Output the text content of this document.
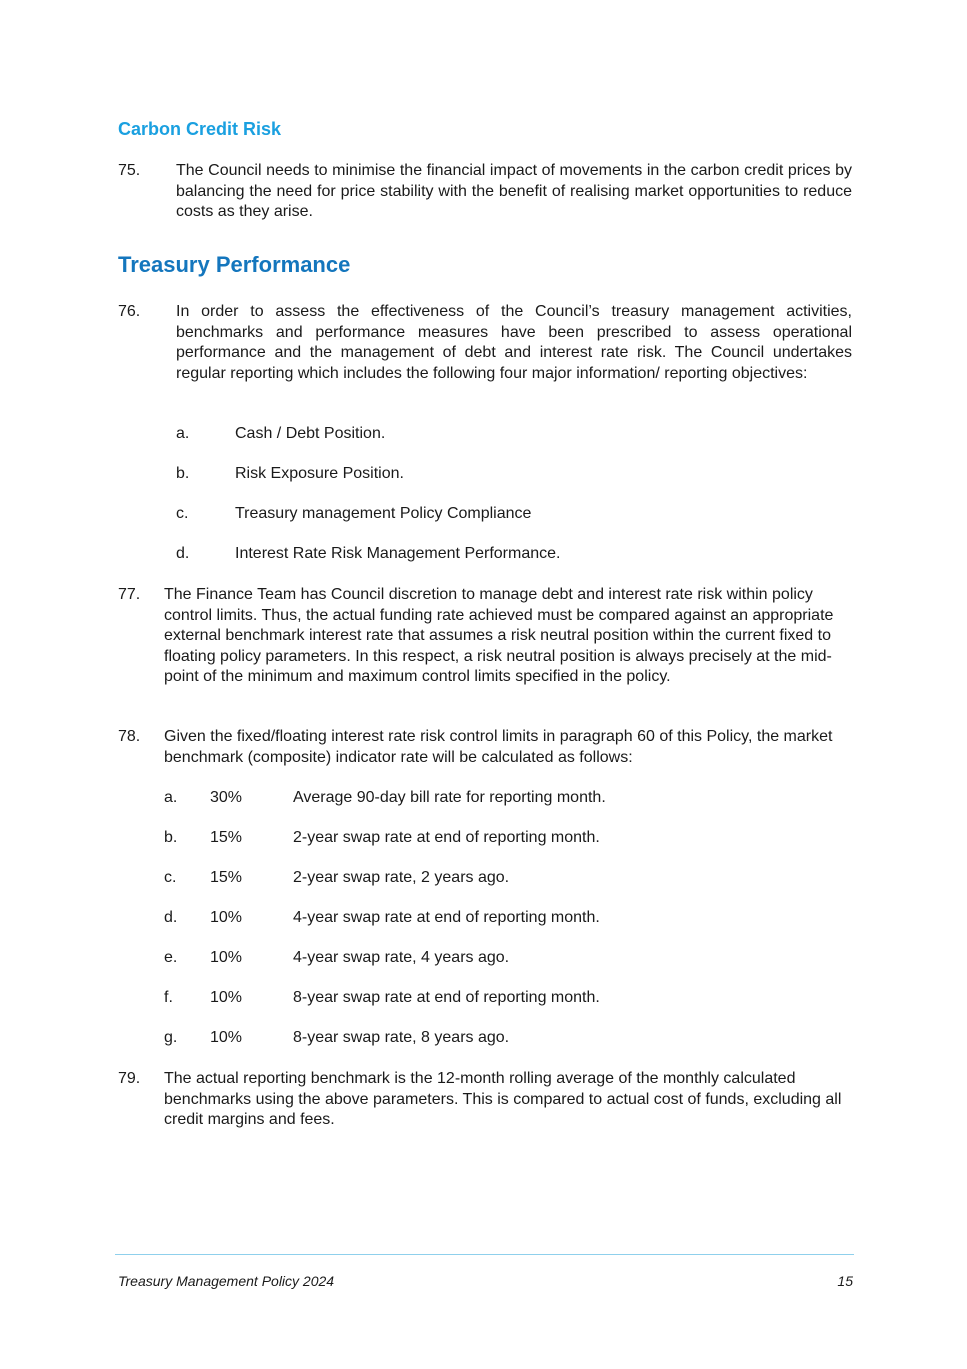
Carbon Credit Risk
75. The Council needs to minimise the financial impact of movements in the carbon credit prices by balancing the need for price stability with the benefit of realising market opportunities to reduce costs as they arise.
Treasury Performance
76. In order to assess the effectiveness of the Council’s treasury management activities, benchmarks and performance measures have been prescribed to assess operational performance and the management of debt and interest rate risk. The Council undertakes regular reporting which includes the following four major information/ reporting objectives:
a.	Cash / Debt Position.
b.	Risk Exposure Position.
c.	Treasury management Policy Compliance
d.	Interest Rate Risk Management Performance.
77. The Finance Team has Council discretion to manage debt and interest rate risk within policy control limits. Thus, the actual funding rate achieved must be compared against an appropriate external benchmark interest rate that assumes a risk neutral position within the current fixed to floating policy parameters. In this respect, a risk neutral position is always precisely at the mid-point of the minimum and maximum control limits specified in the policy.
78. Given the fixed/floating interest rate risk control limits in paragraph 60 of this Policy, the market benchmark (composite) indicator rate will be calculated as follows:
a. 30%	Average 90-day bill rate for reporting month.
b. 15%	2-year swap rate at end of reporting month.
c. 15%	2-year swap rate, 2 years ago.
d. 10%	4-year swap rate at end of reporting month.
e. 10%	4-year swap rate, 4 years ago.
f. 10%	8-year swap rate at end of reporting month.
g. 10%	8-year swap rate, 8 years ago.
79. The actual reporting benchmark is the 12-month rolling average of the monthly calculated benchmarks using the above parameters. This is compared to actual cost of funds, excluding all credit margins and fees.
Treasury Management Policy 2024	15
